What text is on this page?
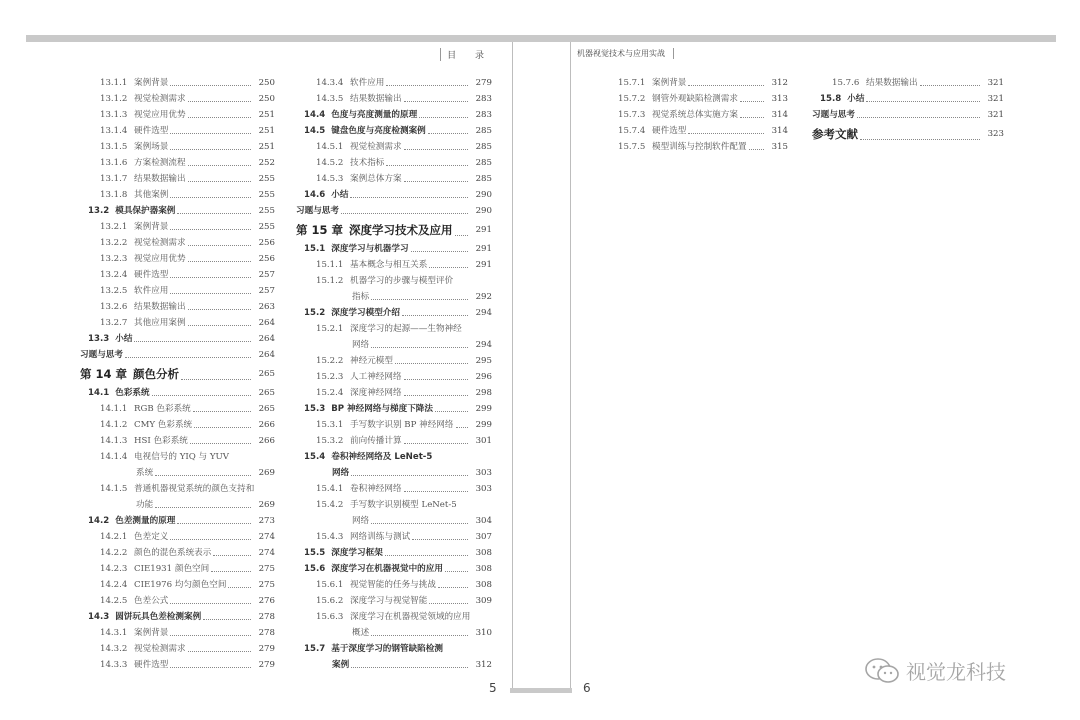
目 录	机器视觉技术与应用实战
13.1.1 案例背景	250
13.1.2 视觉检测需求	250
13.1.3 视觉应用优势	251
13.1.4 硬件选型	251
13.1.5 案例场景	251
13.1.6 方案检测流程	252
13.1.7 结果数据输出	255
13.1.8 其他案例	255
13.2 模具保护器案例	255
13.2.1 案例背景	255
13.2.2 视觉检测需求	256
13.2.3 视觉应用优势	256
13.2.4 硬件选型	257
13.2.5 软件应用	257
13.2.6 结果数据输出	263
13.2.7 其他应用案例	264
13.3 小结	264
习题与思考	264
第 14 章 颜色分析	265
14.1 色彩系统	265
14.1.1 RGB 色彩系统	265
14.1.2 CMY 色彩系统	266
14.1.3 HSI 色彩系统	266
14.1.4 电视信号的 YIQ 与 YUV
系统	269
14.1.5 普通机器视觉系统的颜色支持和
功能	269
14.2 色差测量的原理	273
14.2.1 色差定义	274
14.2.2 颜色的混色系统表示	274
14.2.3 CIE1931 颜色空间	275
14.2.4 CIE1976 均匀颜色空间	275
14.2.5 色差公式	276
14.3 圆饼玩具色差检测案例	278
14.3.1 案例背景	278
14.3.2 视觉检测需求	279
14.3.3 硬件选型	279
14.3.4 软件应用	279
14.3.5 结果数据输出	283
14.4 色度与亮度测量的原理	283
14.5 键盘色度与亮度检测案例	285
14.5.1 视觉检测需求	285
14.5.2 技术指标	285
14.5.3 案例总体方案	285
14.6 小结	290
习题与思考	290
第 15 章 深度学习技术及应用	291
15.1 深度学习与机器学习	291
15.1.1 基本概念与相互关系	291
15.1.2 机器学习的步骤与模型评价
指标	292
15.2 深度学习模型介绍	294
15.2.1 深度学习的起源——生物神经
网络	294
15.2.2 神经元模型	295
15.2.3 人工神经网络	296
15.2.4 深度神经网络	298
15.3 BP 神经网络与梯度下降法	299
15.3.1 手写数字识别 BP 神经网络	299
15.3.2 前向传播计算	301
15.4 卷积神经网络及 LeNet-5
网络	303
15.4.1 卷积神经网络	303
15.4.2 手写数字识别模型 LeNet-5
网络	304
15.4.3 网络训练与测试	307
15.5 深度学习框架	308
15.6 深度学习在机器视觉中的应用	308
15.6.1 视觉智能的任务与挑战	308
15.6.2 深度学习与视觉智能	309
15.6.3 深度学习在机器视觉领域的应用
概述	310
15.7 基于深度学习的钢管缺陷检测
案例	312
15.7.1 案例背景	312
15.7.2 钢管外观缺陷检测需求	313
15.7.3 视觉系统总体实施方案	314
15.7.4 硬件选型	314
15.7.5 模型训练与控制软件配置	315
15.7.6 结果数据输出	321
15.8 小结	321
习题与思考	321
参考文献	323
5	6
视觉龙科技
